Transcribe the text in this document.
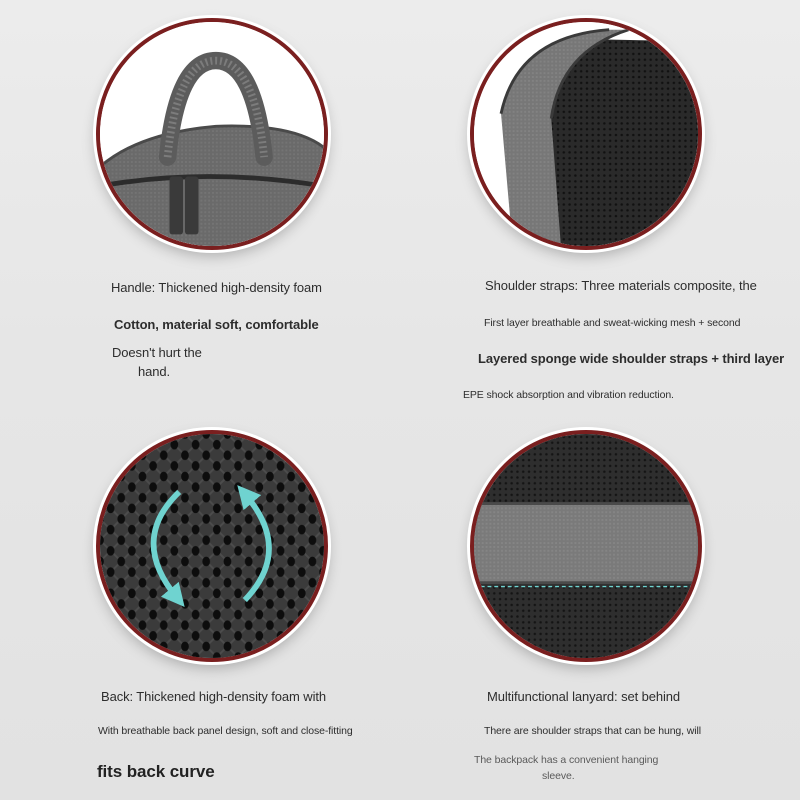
Handle: Thickened high-density foam
Cotton, material soft, comfortable
Doesn't hurt the
hand.
Shoulder straps: Three materials composite, the
First layer breathable and sweat-wicking mesh + second
Layered sponge wide shoulder straps + third layer
EPE shock absorption and vibration reduction.
Back: Thickened high-density foam with
With breathable back panel design, soft and close-fitting
fits back curve
Multifunctional lanyard: set behind
There are shoulder straps that can be hung, will
The backpack has a convenient hanging
sleeve.
